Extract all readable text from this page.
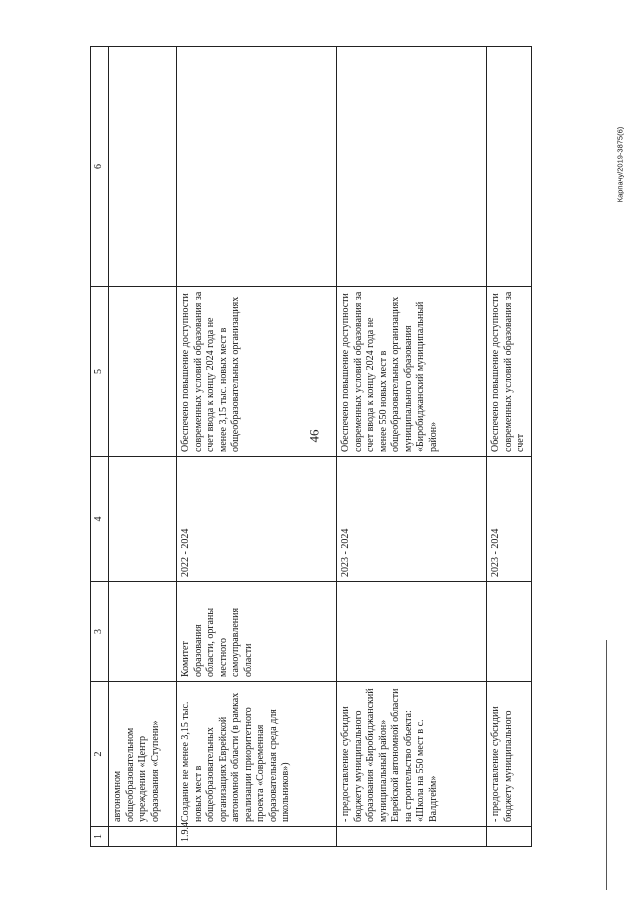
46
Карпачу/2019-3875(6)
1	2	3	4	5	6
	автономном общеобразовательном учреждении «Центр образования «Ступени»				
1.9.4	Создание не менее 3,15 тыс. новых мест в общеобразовательных организациях Еврейской автономной области (в рамках реализации приоритетного проекта «Современная образовательная среда для школьников»)	Комитет образования области, органы местного самоуправления области	2022 - 2024	Обеспечено повышение доступности современных условий образования за счет ввода к концу 2024 года не менее 3,15 тыс. новых мест в общеобразовательных организациях	
	- предоставление субсидии бюджету муниципального образования «Биробиджанский муниципальный район» Еврейской автономной области на строительство объекта: «Школа на 550 мест в с. Валдгейм»		2023 - 2024	Обеспечено повышение доступности современных условий образования за счет ввода к концу 2024 года не менее 550 новых мест в общеобразовательных организациях муниципального образования «Биробиджанский муниципальный район»	
	- предоставление субсидии бюджету муниципального		2023 - 2024	Обеспечено повышение доступности современных условий образования за счет	
